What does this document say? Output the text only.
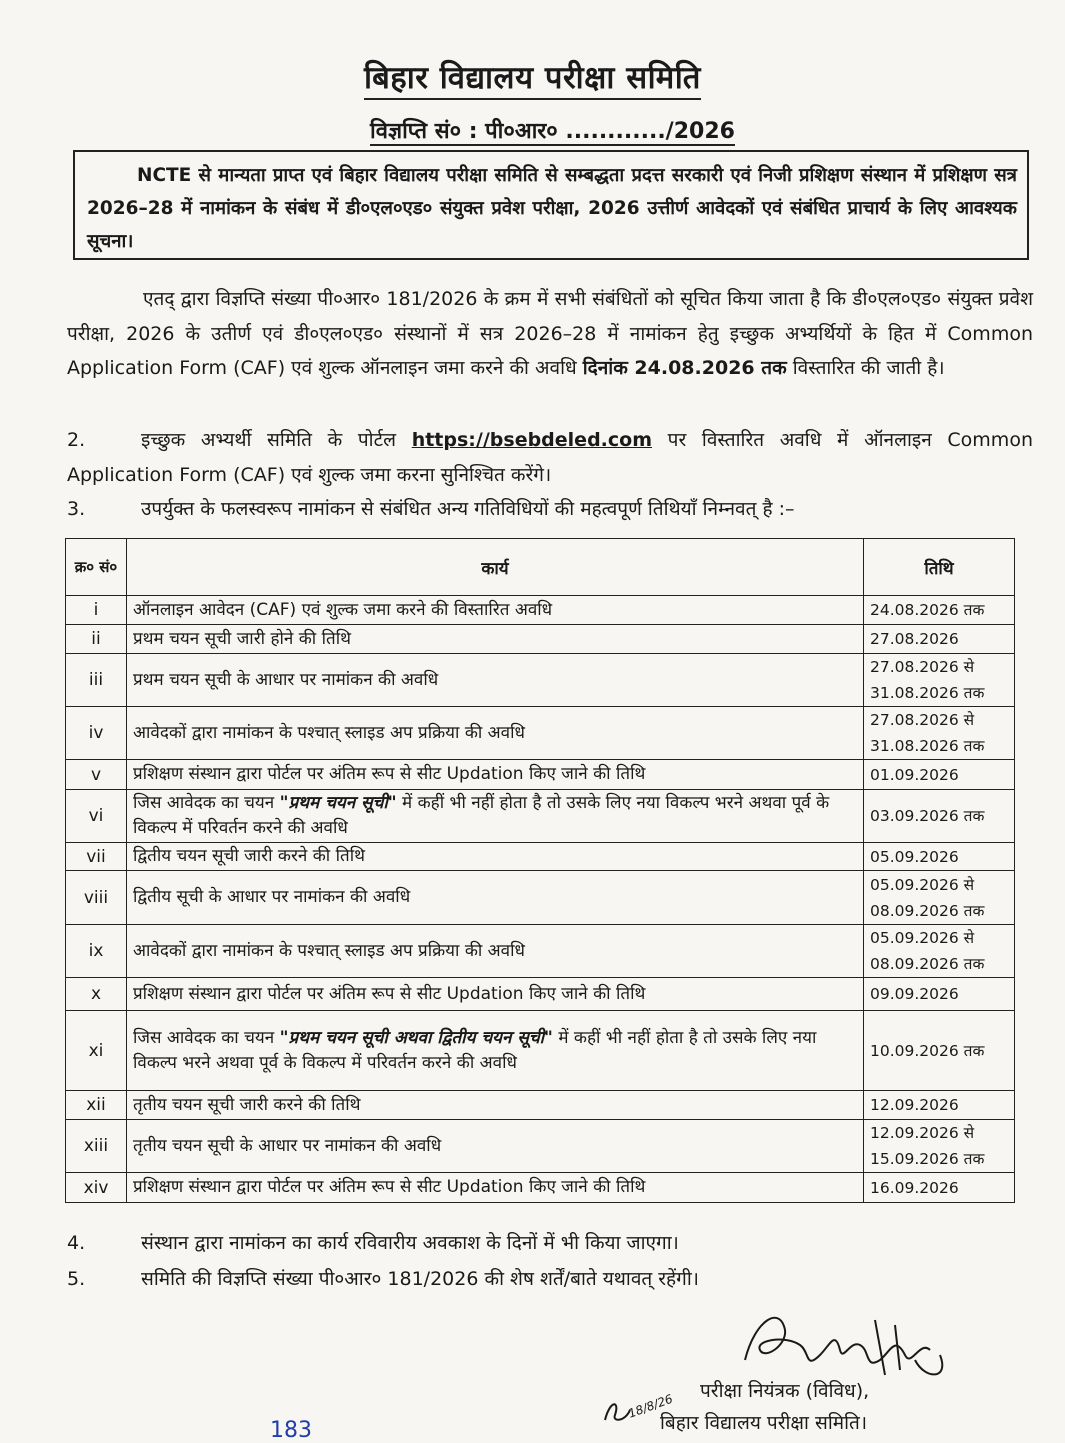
बिहार विद्यालय परीक्षा समिति
विज्ञप्ति सं० : पी०आर० ............/2026
NCTE से मान्यता प्राप्त एवं बिहार विद्यालय परीक्षा समिति से सम्बद्धता प्रदत्त सरकारी एवं निजी प्रशिक्षण संस्थान में प्रशिक्षण सत्र 2026–28 में नामांकन के संबंध में डी०एल०एड० संयुक्त प्रवेश परीक्षा, 2026 उत्तीर्ण आवेदकों एवं संबंधित प्राचार्य के लिए आवश्यक सूचना।
एतद् द्वारा विज्ञप्ति संख्या पी०आर० 181/2026 के क्रम में सभी संबंधितों को सूचित किया जाता है कि डी०एल०एड० संयुक्त प्रवेश परीक्षा, 2026 के उतीर्ण एवं डी०एल०एड० संस्थानों में सत्र 2026–28 में नामांकन हेतु इच्छुक अभ्यर्थियों के हित में Common Application Form (CAF) एवं शुल्क ऑनलाइन जमा करने की अवधि दिनांक 24.08.2026 तक विस्तारित की जाती है।
2.	इच्छुक अभ्यर्थी समिति के पोर्टल https://bsebdeled.com पर विस्तारित अवधि में ऑनलाइन Common Application Form (CAF) एवं शुल्क जमा करना सुनिश्चित करेंगे।
3.	उपर्युक्त के फलस्वरूप नामांकन से संबंधित अन्य गतिविधियों की महत्वपूर्ण तिथियाँ निम्नवत् है :–
क्र० सं०	कार्य	तिथि
i	ऑनलाइन आवेदन (CAF) एवं शुल्क जमा करने की विस्तारित अवधि	24.08.2026 तक

ii	प्रथम चयन सूची जारी होने की तिथि	27.08.2026

iii	प्रथम चयन सूची के आधार पर नामांकन की अवधि	27.08.2026 से
31.08.2026 तक

iv	आवेदकों द्वारा नामांकन के पश्चात् स्लाइड अप प्रक्रिया की अवधि	27.08.2026 से
31.08.2026 तक

v	प्रशिक्षण संस्थान द्वारा पोर्टल पर अंतिम रूप से सीट Updation किए जाने की तिथि	01.09.2026

vi	जिस आवेदक का चयन "प्रथम चयन सूची" में कहीं भी नहीं होता है तो उसके लिए नया विकल्प भरने अथवा पूर्व के विकल्प में परिवर्तन करने की अवधि	03.09.2026 तक

vii	द्वितीय चयन सूची जारी करने की तिथि	05.09.2026

viii	द्वितीय सूची के आधार पर नामांकन की अवधि	05.09.2026 से
08.09.2026 तक

ix	आवेदकों द्वारा नामांकन के पश्चात् स्लाइड अप प्रक्रिया की अवधि	05.09.2026 से
08.09.2026 तक

x	प्रशिक्षण संस्थान द्वारा पोर्टल पर अंतिम रूप से सीट Updation किए जाने की तिथि	09.09.2026

xi	जिस आवेदक का चयन "प्रथम चयन सूची अथवा द्वितीय चयन सूची" में कहीं भी नहीं होता है तो उसके लिए नया विकल्प भरने अथवा पूर्व के विकल्प में परिवर्तन करने की अवधि	10.09.2026 तक

xii	तृतीय चयन सूची जारी करने की तिथि	12.09.2026

xiii	तृतीय चयन सूची के आधार पर नामांकन की अवधि	12.09.2026 से
15.09.2026 तक

xiv	प्रशिक्षण संस्थान द्वारा पोर्टल पर अंतिम रूप से सीट Updation किए जाने की तिथि	16.09.2026
4.	संस्थान द्वारा नामांकन का कार्य रविवारीय अवकाश के दिनों में भी किया जाएगा।
5.	समिति की विज्ञप्ति संख्या पी०आर० 181/2026 की शेष शर्तें/बाते यथावत् रहेंगी।
18/8/26
परीक्षा नियंत्रक (विविध),
बिहार विद्यालय परीक्षा समिति।
183
